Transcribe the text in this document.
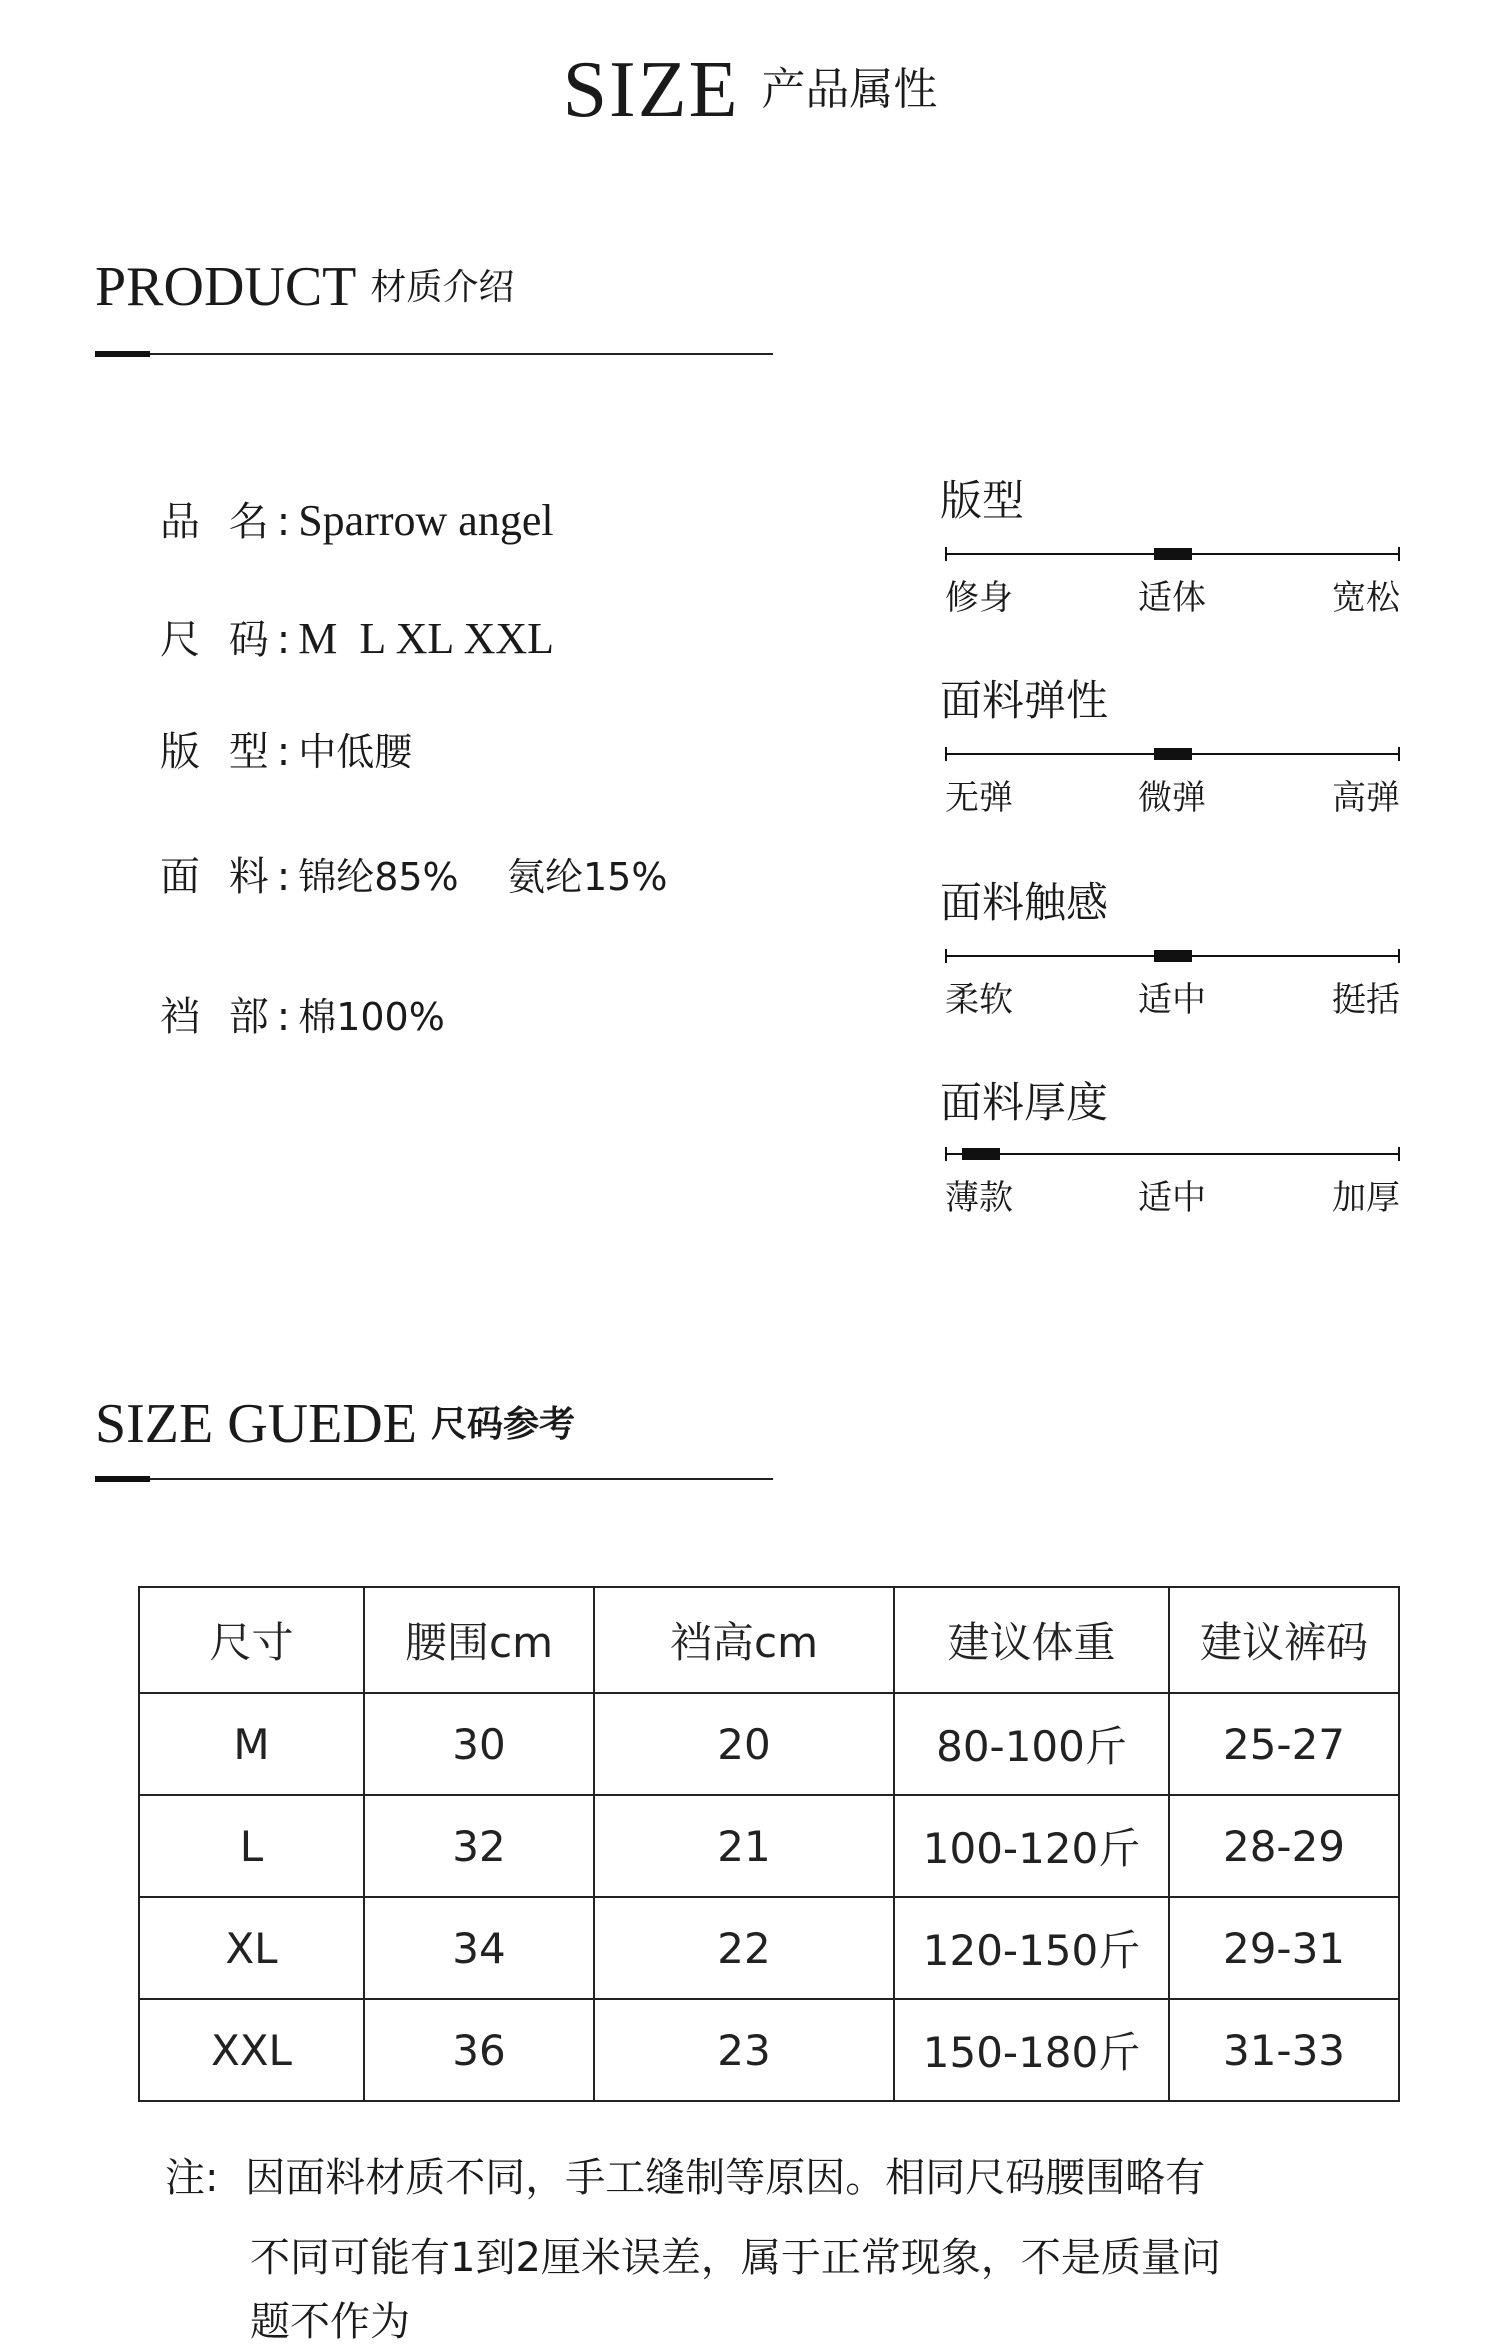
SIZE 产品属性
PRODUCT 材质介绍
品 名:Sparrow angel
尺 码:M  L XL XXL
版 型:中低腰
面 料:锦纶85%    氨纶15%
裆 部:棉100%
版型
修身	适体	宽松
面料弹性
无弹	微弹	高弹
面料触感
柔软	适中	挺括
面料厚度
薄款	适中	加厚
SIZE GUEDE 尺码参考
尺寸	腰围cm	裆高cm	建议体重	建议裤码
M	30	20	80-100斤	25-27
L	32	21	100-120斤	28-29
XL	34	22	120-150斤	29-31
XXL	36	23	150-180斤	31-33
注: 因面料材质不同，手工缝制等原因。相同尺码腰围略有
不同可能有1到2厘米误差，属于正常现象，不是质量问
题不作为
